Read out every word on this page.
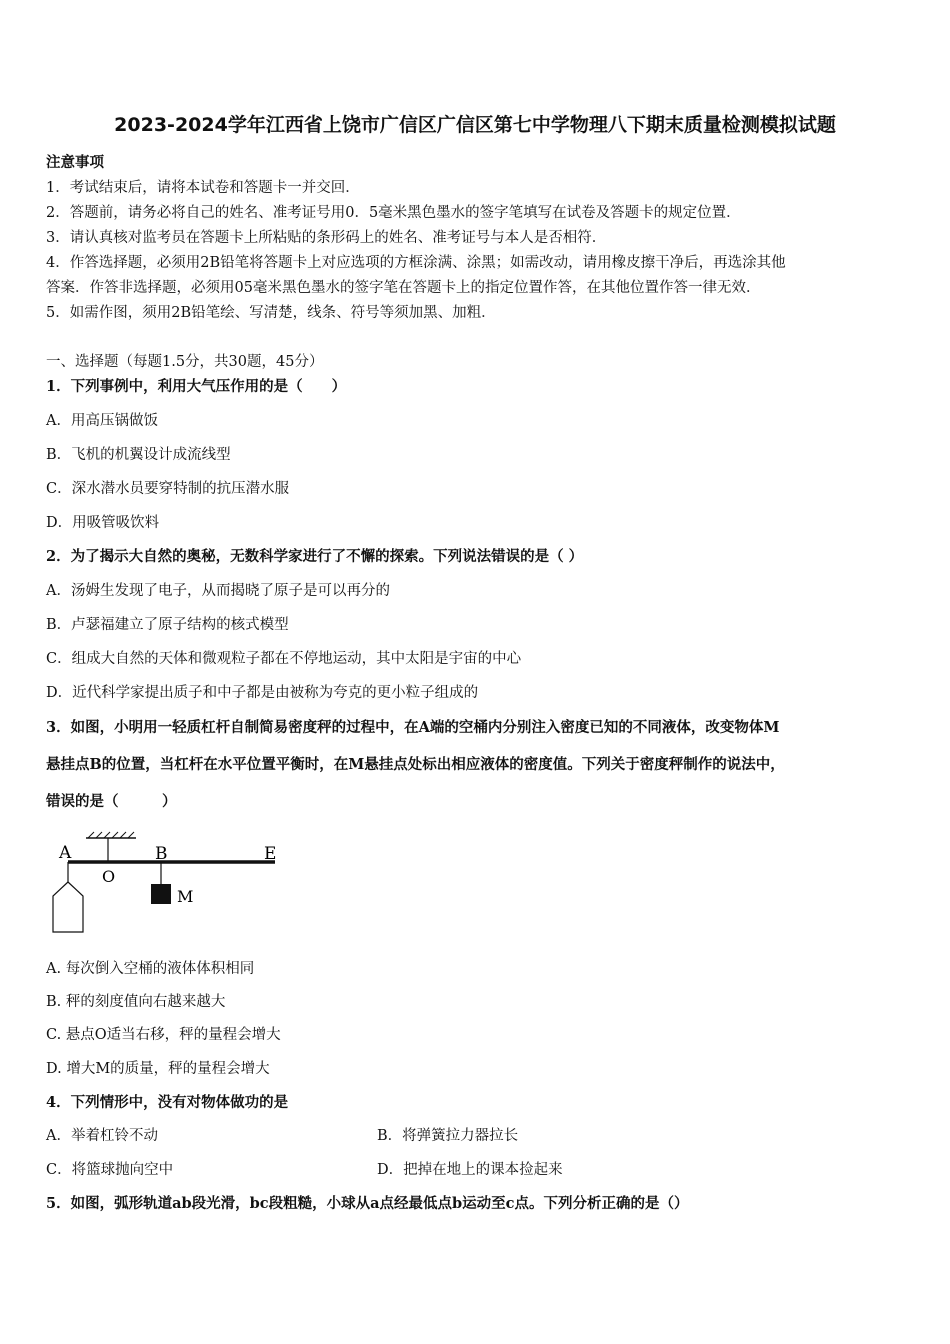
2023-2024学年江西省上饶市广信区广信区第七中学物理八下期末质量检测模拟试题
注意事项
1．考试结束后，请将本试卷和答题卡一并交回．
2．答题前，请务必将自己的姓名、准考证号用0．5毫米黑色墨水的签字笔填写在试卷及答题卡的规定位置．
3．请认真核对监考员在答题卡上所粘贴的条形码上的姓名、准考证号与本人是否相符．
4．作答选择题，必须用2B铅笔将答题卡上对应选项的方框涂满、涂黑；如需改动，请用橡皮擦干净后，再选涂其他
答案．作答非选择题，必须用05毫米黑色墨水的签字笔在答题卡上的指定位置作答，在其他位置作答一律无效．
5．如需作图，须用2B铅笔绘、写清楚，线条、符号等须加黑、加粗．
一、选择题（每题1.5分，共30题，45分）
1．下列事例中，利用大气压作用的是（　　）
A．用高压锅做饭
B．飞机的机翼设计成流线型
C．深水潜水员要穿特制的抗压潜水服
D．用吸管吸饮料
2．为了揭示大自然的奥秘，无数科学家进行了不懈的探索。下列说法错误的是（ ）
A．汤姆生发现了电子，从而揭晓了原子是可以再分的
B．卢瑟福建立了原子结构的核式模型
C．组成大自然的天体和微观粒子都在不停地运动，其中太阳是宇宙的中心
D．近代科学家提出质子和中子都是由被称为夸克的更小粒子组成的
3．如图，小明用一轻质杠杆自制简易密度秤的过程中，在A端的空桶内分别注入密度已知的不同液体，改变物体M
悬挂点B的位置，当杠杆在水平位置平衡时，在M悬挂点处标出相应液体的密度值。下列关于密度秤制作的说法中，
错误的是（　　　）
A
O
B	E
M
A. 每次倒入空桶的液体体积相同
B. 秤的刻度值向右越来越大
C. 悬点O适当右移，秤的量程会增大
D. 增大M的质量，秤的量程会增大
4．下列情形中，没有对物体做功的是
A．举着杠铃不动	B．将弹簧拉力器拉长
C．将篮球抛向空中	D．把掉在地上的课本捡起来
5．如图，弧形轨道ab段光滑，bc段粗糙，小球从a点经最低点b运动至c点。下列分析正确的是（）
